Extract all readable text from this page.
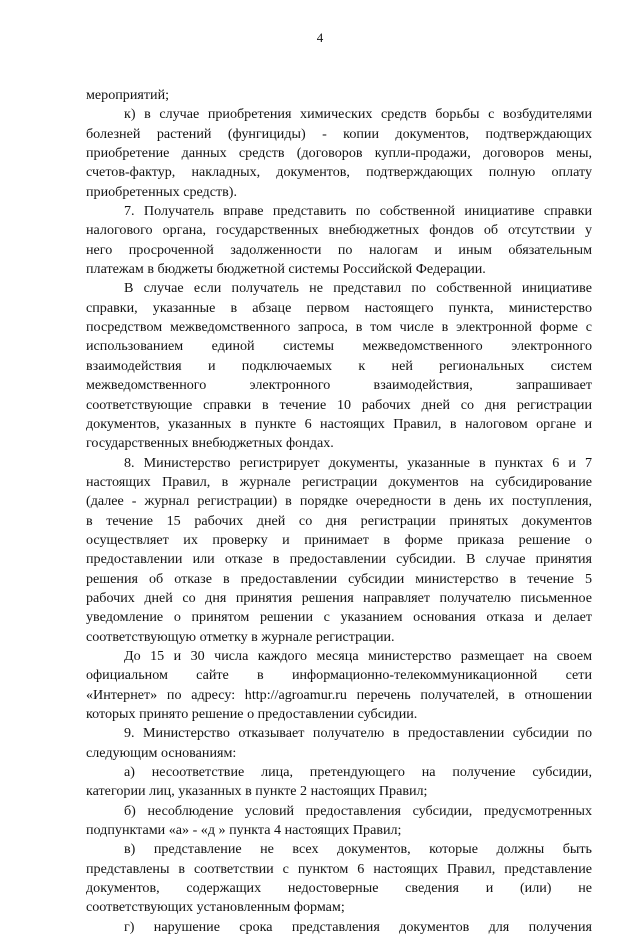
4
мероприятий;
к) в случае приобретения химических средств борьбы с возбудителями
болезней растений (фунгициды) - копии документов, подтверждающих
приобретение данных средств (договоров купли-продажи, договоров мены,
счетов-фактур, накладных, документов, подтверждающих полную оплату
приобретенных средств).
7. Получатель вправе представить по собственной инициативе справки
налогового органа, государственных внебюджетных фондов об отсутствии у
него просроченной задолженности по налогам и иным обязательным
платежам в бюджеты бюджетной системы Российской Федерации.
В случае если получатель не представил по собственной инициативе
справки, указанные в абзаце первом настоящего пункта, министерство
посредством межведомственного запроса, в том числе в электронной форме с
использованием единой системы межведомственного электронного
взаимодействия и подключаемых к ней региональных систем
межведомственного электронного взаимодействия, запрашивает
соответствующие справки в течение 10 рабочих дней со дня регистрации
документов, указанных в пункте 6 настоящих Правил, в налоговом органе и
государственных внебюджетных фондах.
8. Министерство регистрирует документы, указанные в пунктах 6 и 7
настоящих Правил, в журнале регистрации документов на субсидирование
(далее - журнал регистрации) в порядке очередности в день их поступления,
в течение 15 рабочих дней со дня регистрации принятых документов
осуществляет их проверку и принимает в форме приказа решение о
предоставлении или отказе в предоставлении субсидии. В случае принятия
решения об отказе в предоставлении субсидии министерство в течение 5
рабочих дней со дня принятия решения направляет получателю письменное
уведомление о принятом решении с указанием основания отказа и делает
соответствующую отметку в журнале регистрации.
До 15 и 30 числа каждого месяца министерство размещает на своем
официальном сайте в информационно-телекоммуникационной сети
«Интернет» по адресу: http://agroamur.ru перечень получателей, в отношении
которых принято решение о предоставлении субсидии.
9. Министерство отказывает получателю в предоставлении субсидии по
следующим основаниям:
а) несоответствие лица, претендующего на получение субсидии,
категории лиц, указанных в пункте 2 настоящих Правил;
б) несоблюдение условий предоставления субсидии, предусмотренных
подпунктами «а» - «д » пункта 4 настоящих Правил;
в) представление не всех документов, которые должны быть
представлены в соответствии с пунктом 6 настоящих Правил, представление
документов, содержащих недостоверные сведения и (или) не
соответствующих установленным формам;
г) нарушение срока представления документов для получения
